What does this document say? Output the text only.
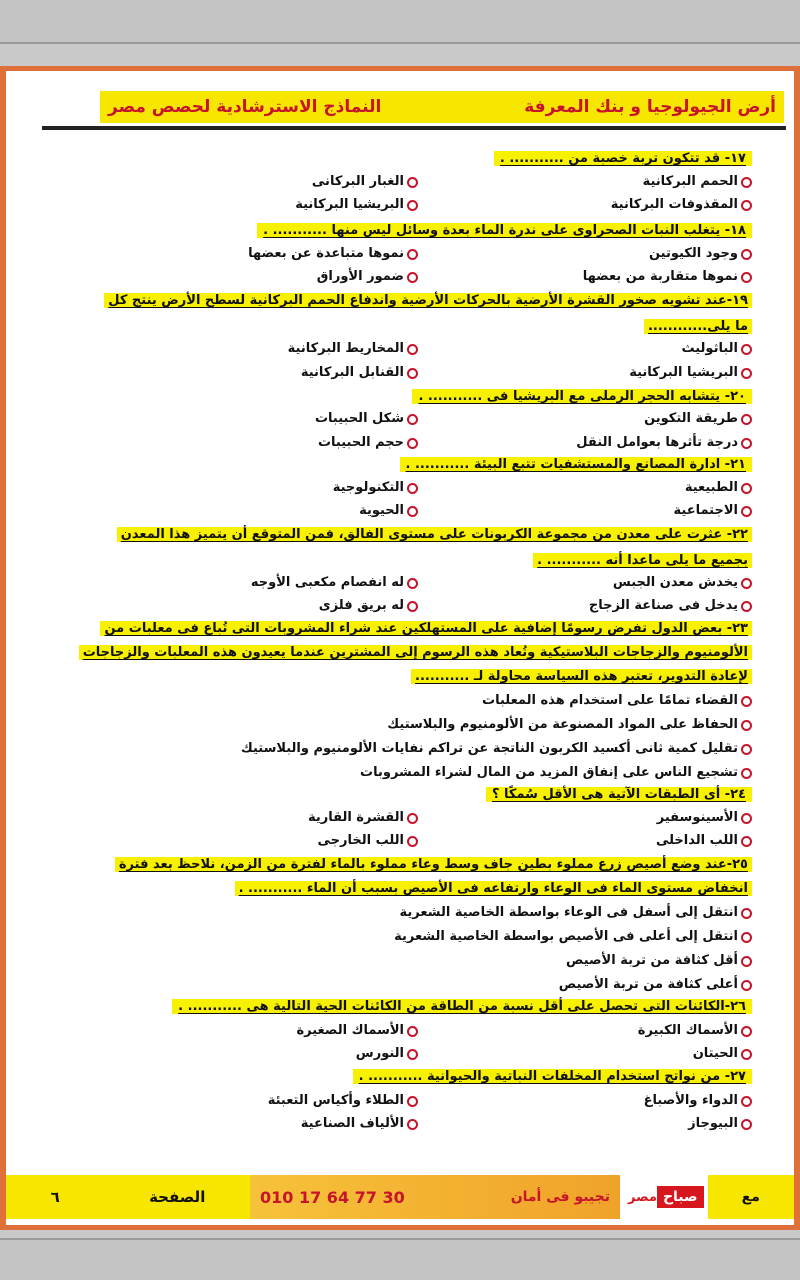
أرض الجيولوجيا و بنك المعرفة
النماذج الاسترشادية لحصص مصر
١٧- قد تتكون تربة خصبة من ........... .
الحمم البركانية
الغبار البركانى
المقذوفات البركانية
البريشيا البركانية
١٨- يتغلب النبات الصحراوى على ندرة الماء بعدة وسائل ليس منها ........... .
وجود الكيوتين
نموها متباعدة عن بعضها
نموها متقاربة من بعضها
ضمور الأوراق
١٩-عند تشويه صخور القشرة الأرضية بالحركات الأرضية واندفاع الحمم البركانية لسطح الأرض ينتج كل
ما يلى............
الباثوليث
المخاريط البركانية
البريشيا البركانية
القنابل البركانية
٢٠- يتشابه الحجر الرملى مع البريشيا فى ........... .
طريقة التكوين
شكل الحبيبات
درجة تأثرها بعوامل النقل
حجم الحبيبات
٢١- ادارة المصانع والمستشفيات تتبع البيئة ........... .
الطبيعية
التكنولوجية
الاجتماعية
الحيوية
٢٢- عثرت على معدن من مجموعة الكربونات على مستوى الفالق، فمن المتوقع أن يتميز هذا المعدن
بجميع ما يلى ماعدا أنه ........... .
يخدش معدن الجبس
له انفصام مكعبى الأوجه
يدخل فى صناعة الزجاج
له بريق فلزى
٢٣- بعض الدول تفرض رسومًا إضافية على المستهلكين عند شراء المشروبات التى تُباع فى معلبات من
الألومنيوم والزجاجات البلاستيكية وتُعاد هذه الرسوم إلى المشترين عندما يعيدون هذه المعلبات والزجاجات
لإعادة التدوير، تعتبر هذه السياسة محاولة لـ ...........
القضاء تمامًا على استخدام هذه المعلبات
الحفاظ على المواد المصنوعة من الألومنيوم والبلاستيك
تقليل كمية ثانى أكسيد الكربون الناتجة عن تراكم نفايات الألومنيوم والبلاستيك
تشجيع الناس على إنفاق المزيد من المال لشراء المشروبات
٢٤- أى الطبقات الآتية هى الأقل سُمكًا ؟
الأسينوسفير
القشرة القارية
اللب الداخلى
اللب الخارجى
٢٥-عند وضع أصيص زرع مملوء بطين جاف وسط وعاء مملوء بالماء لفترة من الزمن، نلاحظ بعد فترة
انخفاض مستوى الماء فى الوعاء وارتفاعه فى الأصيص بسبب أن الماء ........... .
انتقل إلى أسفل فى الوعاء بواسطة الخاصية الشعرية
انتقل إلى أعلى فى الأصيص بواسطة الخاصية الشعرية
أقل كثافة من تربة الأصيص
أعلى كثافة من تربة الأصيص
٢٦-الكائنات التى تحصل على أقل نسبة من الطاقة من الكائنات الحية التالية هى ........... .
الأسماك الكبيرة
الأسماك الصغيرة
الحيتان
النورس
٢٧- من نواتج استخدام المخلفات النباتية والحيوانية ........... .
الدواء والأصباغ
الطلاء وأكياس التعبئة
البيوجاز
الألياف الصناعية
٦	الصفحة	010 17 64 77 30	تجيبو فى أمان مصر صباح	مع
